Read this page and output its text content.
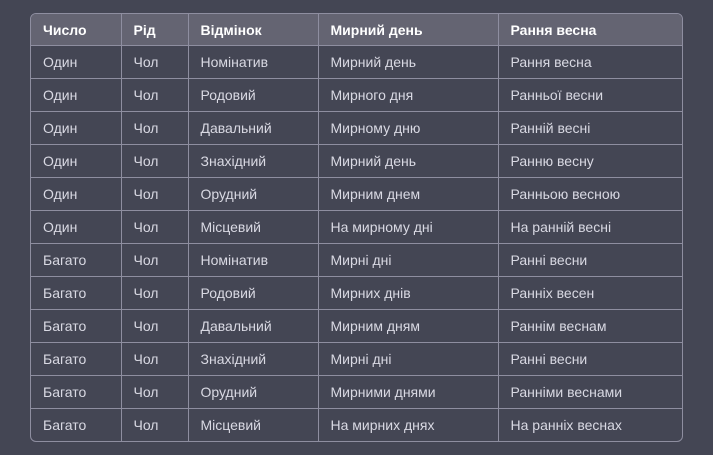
Число	Рід	Відмінок	Мирний день	Рання весна
Один	Чол	Номінатив	Мирний день	Рання весна
Один	Чол	Родовий	Мирного дня	Ранньої весни
Один	Чол	Давальний	Мирному дню	Ранній весні
Один	Чол	Знахідний	Мирний день	Ранню весну
Один	Чол	Орудний	Мирним днем	Ранньою весною
Один	Чол	Місцевий	На мирному дні	На ранній весні
Багато	Чол	Номінатив	Мирні дні	Ранні весни
Багато	Чол	Родовий	Мирних днів	Ранніх весен
Багато	Чол	Давальний	Мирним дням	Раннім веснам
Багато	Чол	Знахідний	Мирні дні	Ранні весни
Багато	Чол	Орудний	Мирними днями	Ранніми веснами
Багато	Чол	Місцевий	На мирних днях	На ранніх веснах
